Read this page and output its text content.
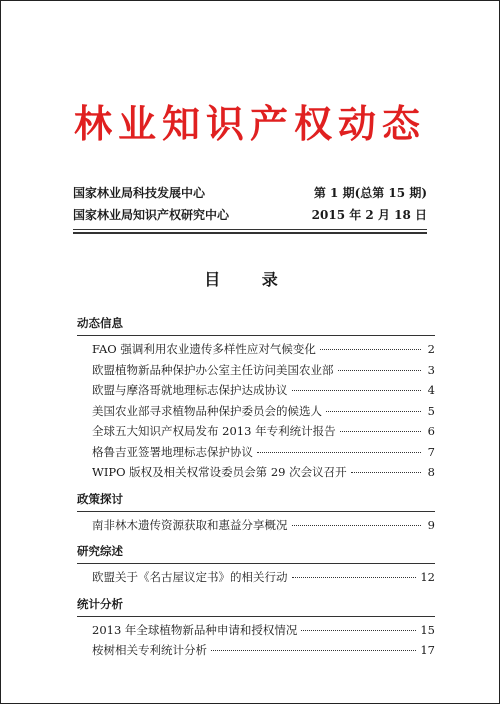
林业知识产权动态
国家林业局科技发展中心
国家林业局知识产权研究中心
第 1 期(总第 15 期)
2015 年 2 月 18 日
目 录
动态信息
FAO 强调利用农业遗传多样性应对气候变化	2
欧盟植物新品种保护办公室主任访问美国农业部	3
欧盟与摩洛哥就地理标志保护达成协议	4
美国农业部寻求植物品种保护委员会的候选人	5
全球五大知识产权局发布 2013 年专利统计报告	6
格鲁吉亚签署地理标志保护协议	7
WIPO 版权及相关权常设委员会第 29 次会议召开	8
政策探讨
南非林木遗传资源获取和惠益分享概况	9
研究综述
欧盟关于《名古屋议定书》的相关行动	12
统计分析
2013 年全球植物新品种申请和授权情况	15
桉树相关专利统计分析	17
